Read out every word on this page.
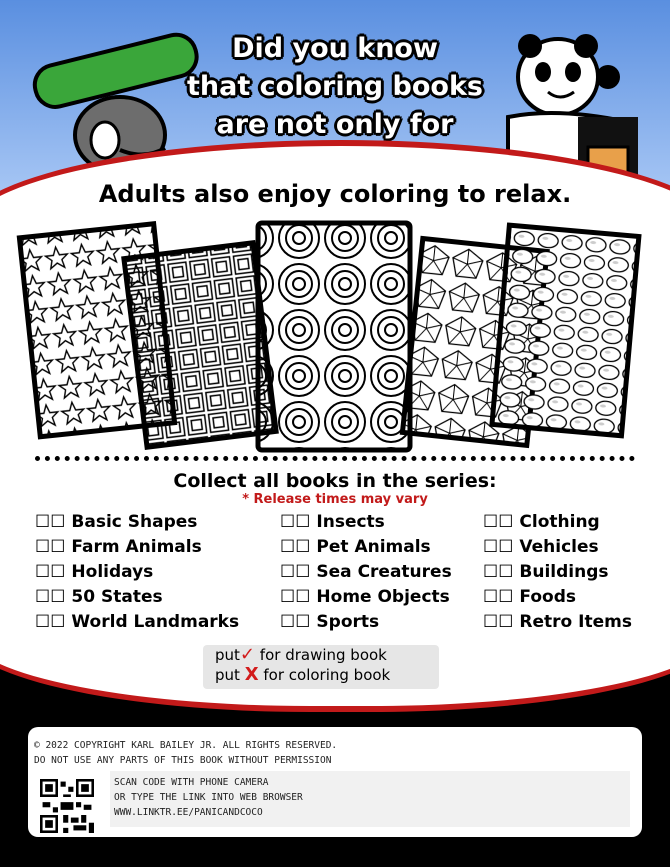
Did you know
that coloring books
are not only for
Adults also enjoy coloring to relax.
Collect all books in the series:
* Release times may vary
☐☐ Basic Shapes
☐☐ Farm Animals
☐☐ Holidays
☐☐ 50 States
☐☐ World Landmarks
☐☐ Insects
☐☐ Pet Animals
☐☐ Sea Creatures
☐☐ Home Objects
☐☐ Sports
☐☐ Clothing
☐☐ Vehicles
☐☐ Buildings
☐☐ Foods
☐☐ Retro Items
put✓ for drawing book
put X for coloring book
© 2022 COPYRIGHT KARL BAILEY JR. ALL RIGHTS RESERVED.
DO NOT USE ANY PARTS OF THIS BOOK WITHOUT PERMISSION
SCAN CODE WITH PHONE CAMERA
OR TYPE THE LINK INTO WEB BROWSER
WWW.LINKTR.EE/PANICANDCOCO
